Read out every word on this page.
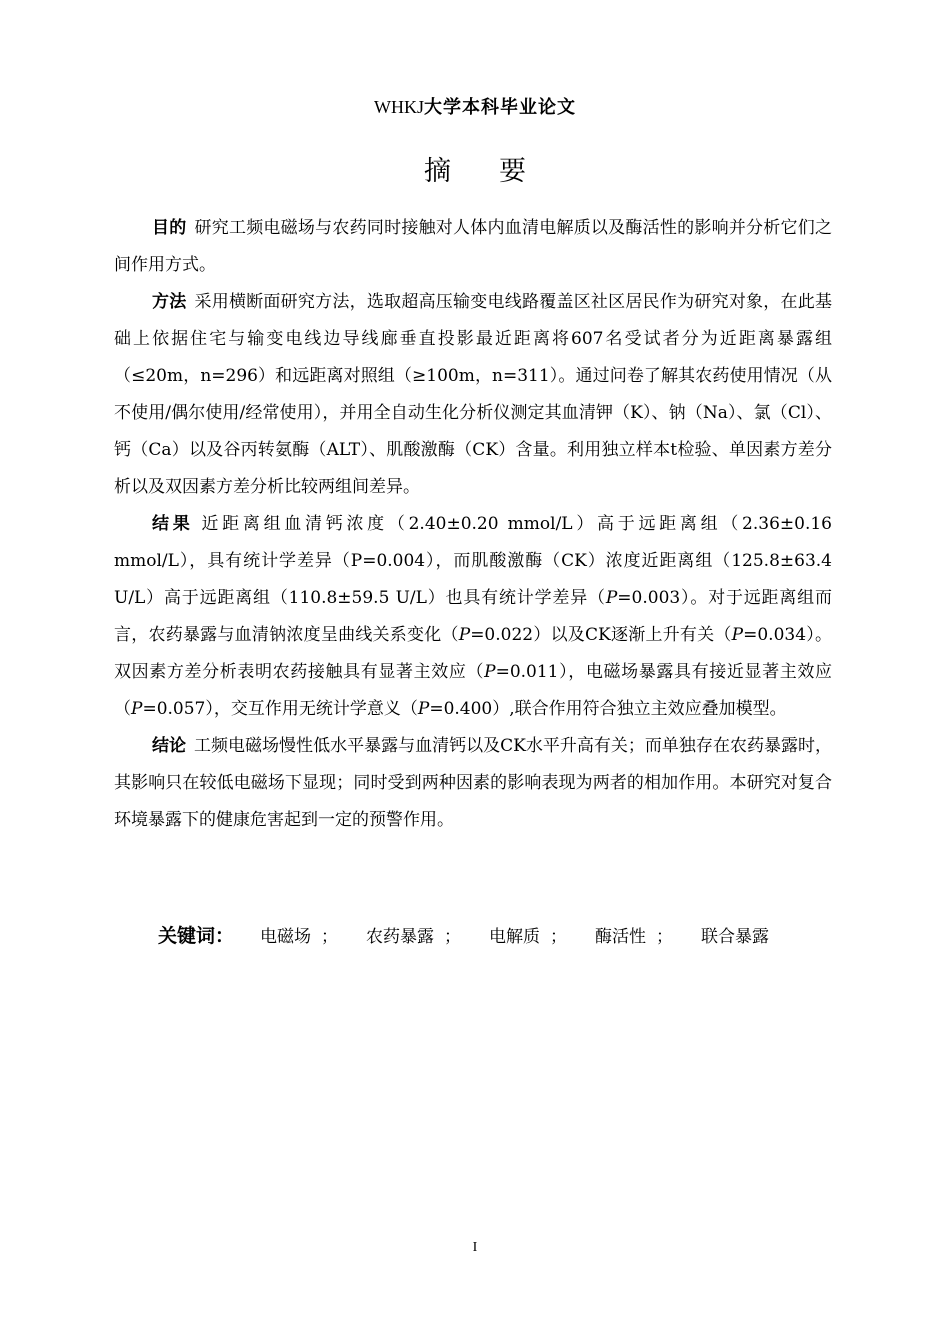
WHKJ大学本科毕业论文
摘要

目的 研究工频电磁场与农药同时接触对人体内血清电解质以及酶活性的影响并分析它们之间作用方式。

方法 采用横断面研究方法，选取超高压输变电线路覆盖区社区居民作为研究对象，在此基础上依据住宅与输变电线边导线廊垂直投影最近距离将607名受试者分为近距离暴露组（≤20m，n=296）和远距离对照组（≥100m，n=311）。通过问卷了解其农药使用情况（从不使用/偶尔使用/经常使用），并用全自动生化分析仪测定其血清钾（K）、钠（Na）、氯（Cl）、钙（Ca）以及谷丙转氨酶（ALT）、肌酸激酶（CK）含量。利用独立样本t检验、单因素方差分析以及双因素方差分析比较两组间差异。

结果 近距离组血清钙浓度（2.40±0.20 mmol/L）高于远距离组（2.36±0.16 mmol/L），具有统计学差异（P=0.004），而肌酸激酶（CK）浓度近距离组（125.8±63.4 U/L）高于远距离组（110.8±59.5 U/L）也具有统计学差异（P=0.003）。对于远距离组而言，农药暴露与血清钠浓度呈曲线关系变化（P=0.022）以及CK逐渐上升有关（P=0.034）。双因素方差分析表明农药接触具有显著主效应（P=0.011），电磁场暴露具有接近显著主效应（P=0.057），交互作用无统计学意义（P=0.400）,联合作用符合独立主效应叠加模型。

结论 工频电磁场慢性低水平暴露与血清钙以及CK水平升高有关；而单独存在农药暴露时，其影响只在较低电磁场下显现；同时受到两种因素的影响表现为两者的相加作用。本研究对复合环境暴露下的健康危害起到一定的预警作用。

关键词： 电磁场 ； 农药暴露 ； 电解质 ； 酶活性 ； 联合暴露
I
